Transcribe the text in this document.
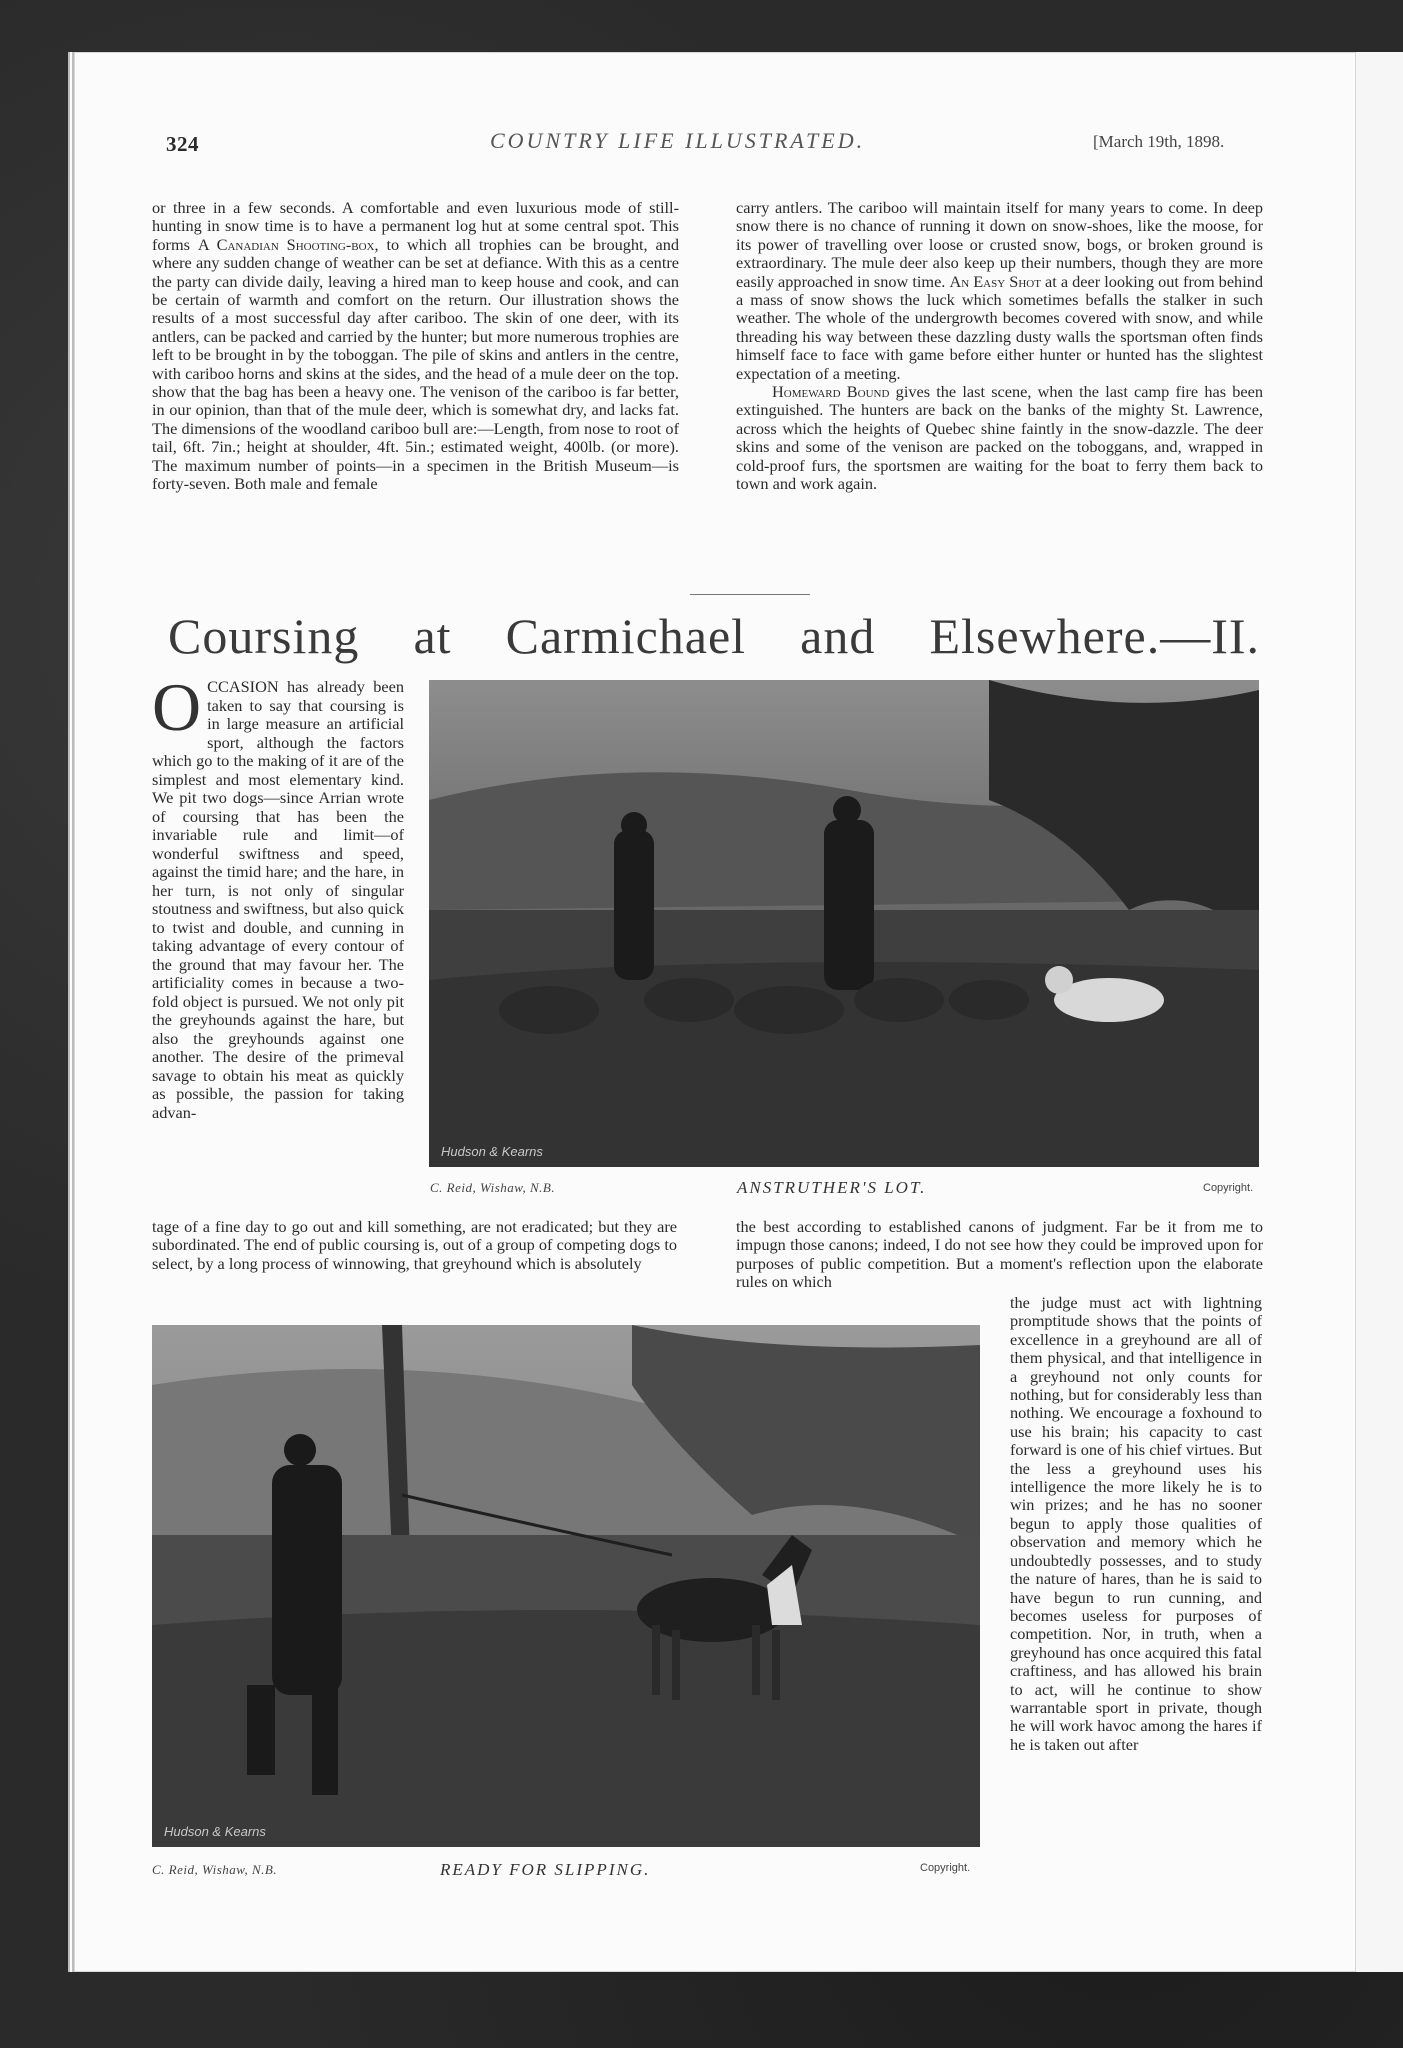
324	COUNTRY LIFE ILLUSTRATED.	[March 19th, 1898.

or three in a few seconds. A comfortable and even luxurious mode of still-hunting in snow time is to have a permanent log hut at some central spot. This forms A Canadian Shooting-box, to which all trophies can be brought, and where any sudden change of weather can be set at defiance. With this as a centre the party can divide daily, leaving a hired man to keep house and cook, and can be certain of warmth and comfort on the return. Our illustration shows the results of a most successful day after cariboo. The skin of one deer, with its antlers, can be packed and carried by the hunter; but more numerous trophies are left to be brought in by the toboggan. The pile of skins and antlers in the centre, with cariboo horns and skins at the sides, and the head of a mule deer on the top. show that the bag has been a heavy one. The venison of the cariboo is far better, in our opinion, than that of the mule deer, which is somewhat dry, and lacks fat. The dimensions of the woodland cariboo bull are:—Length, from nose to root of tail, 6ft. 7in.; height at shoulder, 4ft. 5in.; estimated weight, 400lb. (or more). The maximum number of points—in a specimen in the British Museum—is forty-seven. Both male and female

carry antlers. The cariboo will maintain itself for many years to come. In deep snow there is no chance of running it down on snow-shoes, like the moose, for its power of travelling over loose or crusted snow, bogs, or broken ground is extraordinary. The mule deer also keep up their numbers, though they are more easily approached in snow time. An Easy Shot at a deer looking out from behind a mass of snow shows the luck which sometimes befalls the stalker in such weather. The whole of the undergrowth becomes covered with snow, and while threading his way between these dazzling dusty walls the sportsman often finds himself face to face with game before either hunter or hunted has the slightest expectation of a meeting.

Homeward Bound gives the last scene, when the last camp fire has been extinguished. The hunters are back on the banks of the mighty St. Lawrence, across which the heights of Quebec shine faintly in the snow-dazzle. The deer skins and some of the venison are packed on the toboggans, and, wrapped in cold-proof furs, the sportsmen are waiting for the boat to ferry them back to town and work again.

Coursing at Carmichael and Elsewhere.—II.
OCCASION has already been taken to say that coursing is in large measure an artificial sport, although the factors which go to the making of it are of the simplest and most elementary kind. We pit two dogs—since Arrian wrote of coursing that has been the invariable rule and limit—of wonderful swiftness and speed, against the timid hare; and the hare, in her turn, is not only of singular stoutness and swiftness, but also quick to twist and double, and cunning in taking advantage of every contour of the ground that may favour her. The artificiality comes in because a two-fold object is pursued. We not only pit the greyhounds against the hare, but also the greyhounds against one another. The desire of the primeval savage to obtain his meat as quickly as possible, the passion for taking advan-
Hudson & Kearns
C. Reid, Wishaw, N.B.	ANSTRUTHER'S LOT.	Copyright.
tage of a fine day to go out and kill something, are not eradicated; but they are subordinated. The end of public coursing is, out of a group of competing dogs to select, by a long process of winnowing, that greyhound which is absolutely
the best according to established canons of judgment. Far be it from me to impugn those canons; indeed, I do not see how they could be improved upon for purposes of public competition. But a moment's reflection upon the elaborate rules on which
Hudson & Kearns
C. Reid, Wishaw, N.B.	READY FOR SLIPPING.	Copyright.
the judge must act with lightning promptitude shows that the points of excellence in a greyhound are all of them physical, and that intelligence in a greyhound not only counts for nothing, but for considerably less than nothing. We encourage a foxhound to use his brain; his capacity to cast forward is one of his chief virtues. But the less a greyhound uses his intelligence the more likely he is to win prizes; and he has no sooner begun to apply those qualities of observation and memory which he undoubtedly possesses, and to study the nature of hares, than he is said to have begun to run cunning, and becomes useless for purposes of competition. Nor, in truth, when a greyhound has once acquired this fatal craftiness, and has allowed his brain to act, will he continue to show warrantable sport in private, though he will work havoc among the hares if he is taken out after
